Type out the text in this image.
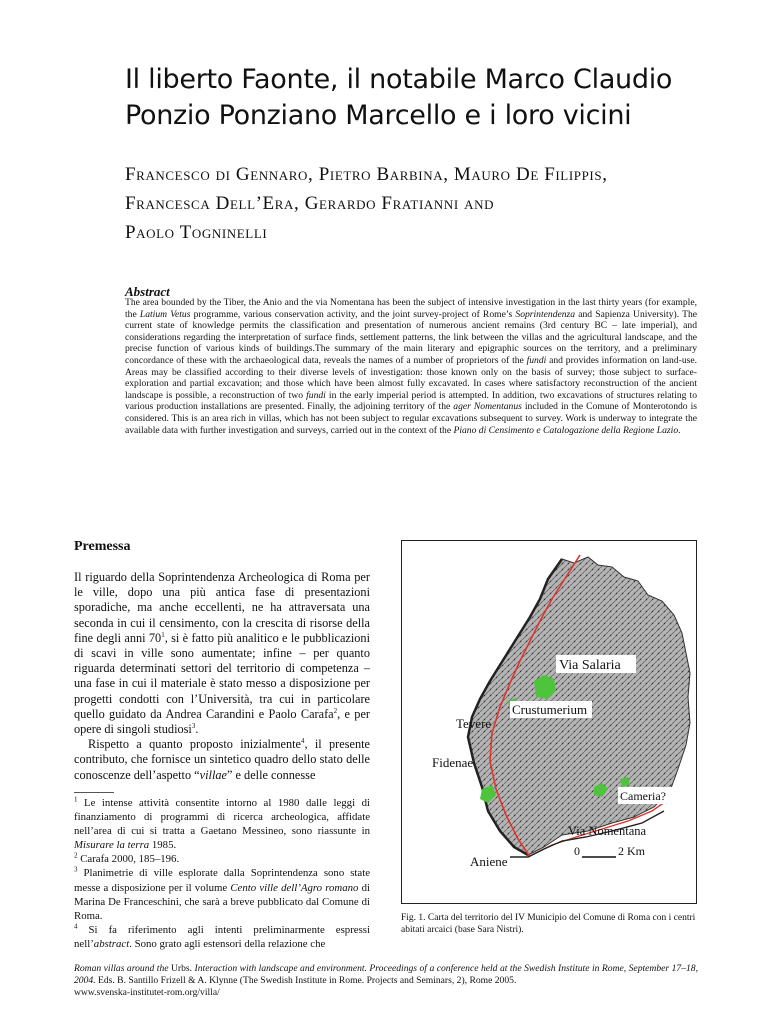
Il liberto Faonte, il notabile Marco Claudio Ponzio Ponziano Marcello e i loro vicini
Francesco di Gennaro, Pietro Barbina, Mauro De Filippis,
Francesca Dell’Era, Gerardo Fratianni and
Paolo Togninelli
Abstract

The area bounded by the Tiber, the Anio and the via Nomentana has been the subject of intensive investigation in the last thirty years (for example, the Latium Vetus programme, various conservation activity, and the joint survey-project of Rome’s Soprintendenza and Sapienza University). The current state of knowledge permits the classification and presentation of numerous ancient remains (3rd century BC – late imperial), and considerations regarding the interpretation of surface finds, settlement patterns, the link between the villas and the agricultural landscape, and the precise function of various kinds of buildings.The summary of the main literary and epigraphic sources on the territory, and a preliminary concordance of these with the archaeological data, reveals the names of a number of proprietors of the fundi and provides information on land-use. Areas may be classified according to their diverse levels of investigation: those known only on the basis of survey; those subject to surface-exploration and partial excavation; and those which have been almost fully excavated. In cases where satisfactory reconstruction of the ancient landscape is possible, a reconstruction of two fundi in the early imperial period is attempted. In addition, two excavations of structures relating to various production installations are presented. Finally, the adjoining territory of the ager Nomentanus included in the Comune of Monterotondo is considered. This is an area rich in villas, which has not been subject to regular excavations subsequent to survey. Work is underway to integrate the available data with further investigation and surveys, carried out in the context of the Piano di Censimento e Catalogazione della Regione Lazio.

Premessa

Il riguardo della Soprintendenza Archeologica di Roma per le ville, dopo una più antica fase di presentazioni sporadiche, ma anche eccellenti, ne ha attraversata una seconda in cui il censimento, con la crescita di risorse della fine degli anni $70^1$, si è fatto più analitico e le pubblicazioni di scavi in ville sono aumentate; infine – per quanto riguarda determinati settori del territorio di competenza – una fase in cui il materiale è stato messo a disposizione per progetti condotti con l’Università, tra cui in particolare quello guidato da Andrea Carandini e Paolo Carafa$^2$, e per opere di singoli studiosi$^3$.

Rispetto a quanto proposto inizialmente$^4$, il presente contributo, che fornisce un sintetico quadro dello stato delle conoscenze dell’aspetto “villae” e delle connesse

$^1$ Le intense attività consentite intorno al 1980 dalle leggi di finanziamento di programmi di ricerca archeologica, affidate nell’area di cui si tratta a Gaetano Messineo, sono riassunte in Misurare la terra 1985.

$^2$ Carafa 2000, 185–196.

$^3$ Planimetrie di ville esplorate dalla Soprintendenza sono state messe a disposizione per il volume Cento ville dell’Agro romano di Marina De Franceschini, che sarà a breve pubblicato dal Comune di Roma.

$^4$ Si fa riferimento agli intenti preliminarmente espressi nell’abstract. Sono grato agli estensori della relazione che

Via Salaria
Crustumerium
Tevere
Fidenae
Cameria?
Via Nomentana
Aniene
0	2 Km

Fig. 1. Carta del territorio del IV Municipio del Comune di Roma con i centri abitati arcaici (base Sara Nistri).

Roman villas around the Urbs. Interaction with landscape and environment. Proceedings of a conference held at the Swedish Institute in Rome, September 17–18, 2004. Eds. B. Santillo Frizell & A. Klynne (The Swedish Institute in Rome. Projects and Seminars, 2), Rome 2005.
www.svenska-institutet-rom.org/villa/
